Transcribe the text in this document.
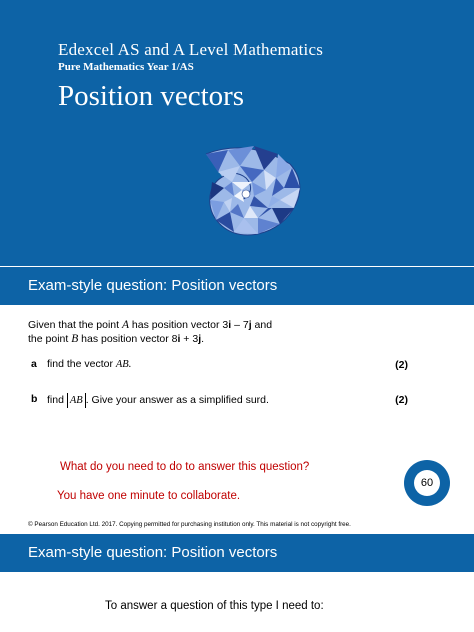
Edexcel AS and A Level Mathematics
Pure Mathematics Year 1/AS
Position vectors
Exam-style question: Position vectors
Given that the point A has position vector 3i – 7j and
the point B has position vector 8i + 3j.
a find the vector AB.	(2)
b find AB . Give your answer as a simplified surd.	(2)
What do you need to do to answer this question?
You have one minute to collaborate.
60
© Pearson Education Ltd. 2017. Copying permitted for purchasing institution only. This material is not copyright free.
Exam-style question: Position vectors
To answer a question of this type I need to:
